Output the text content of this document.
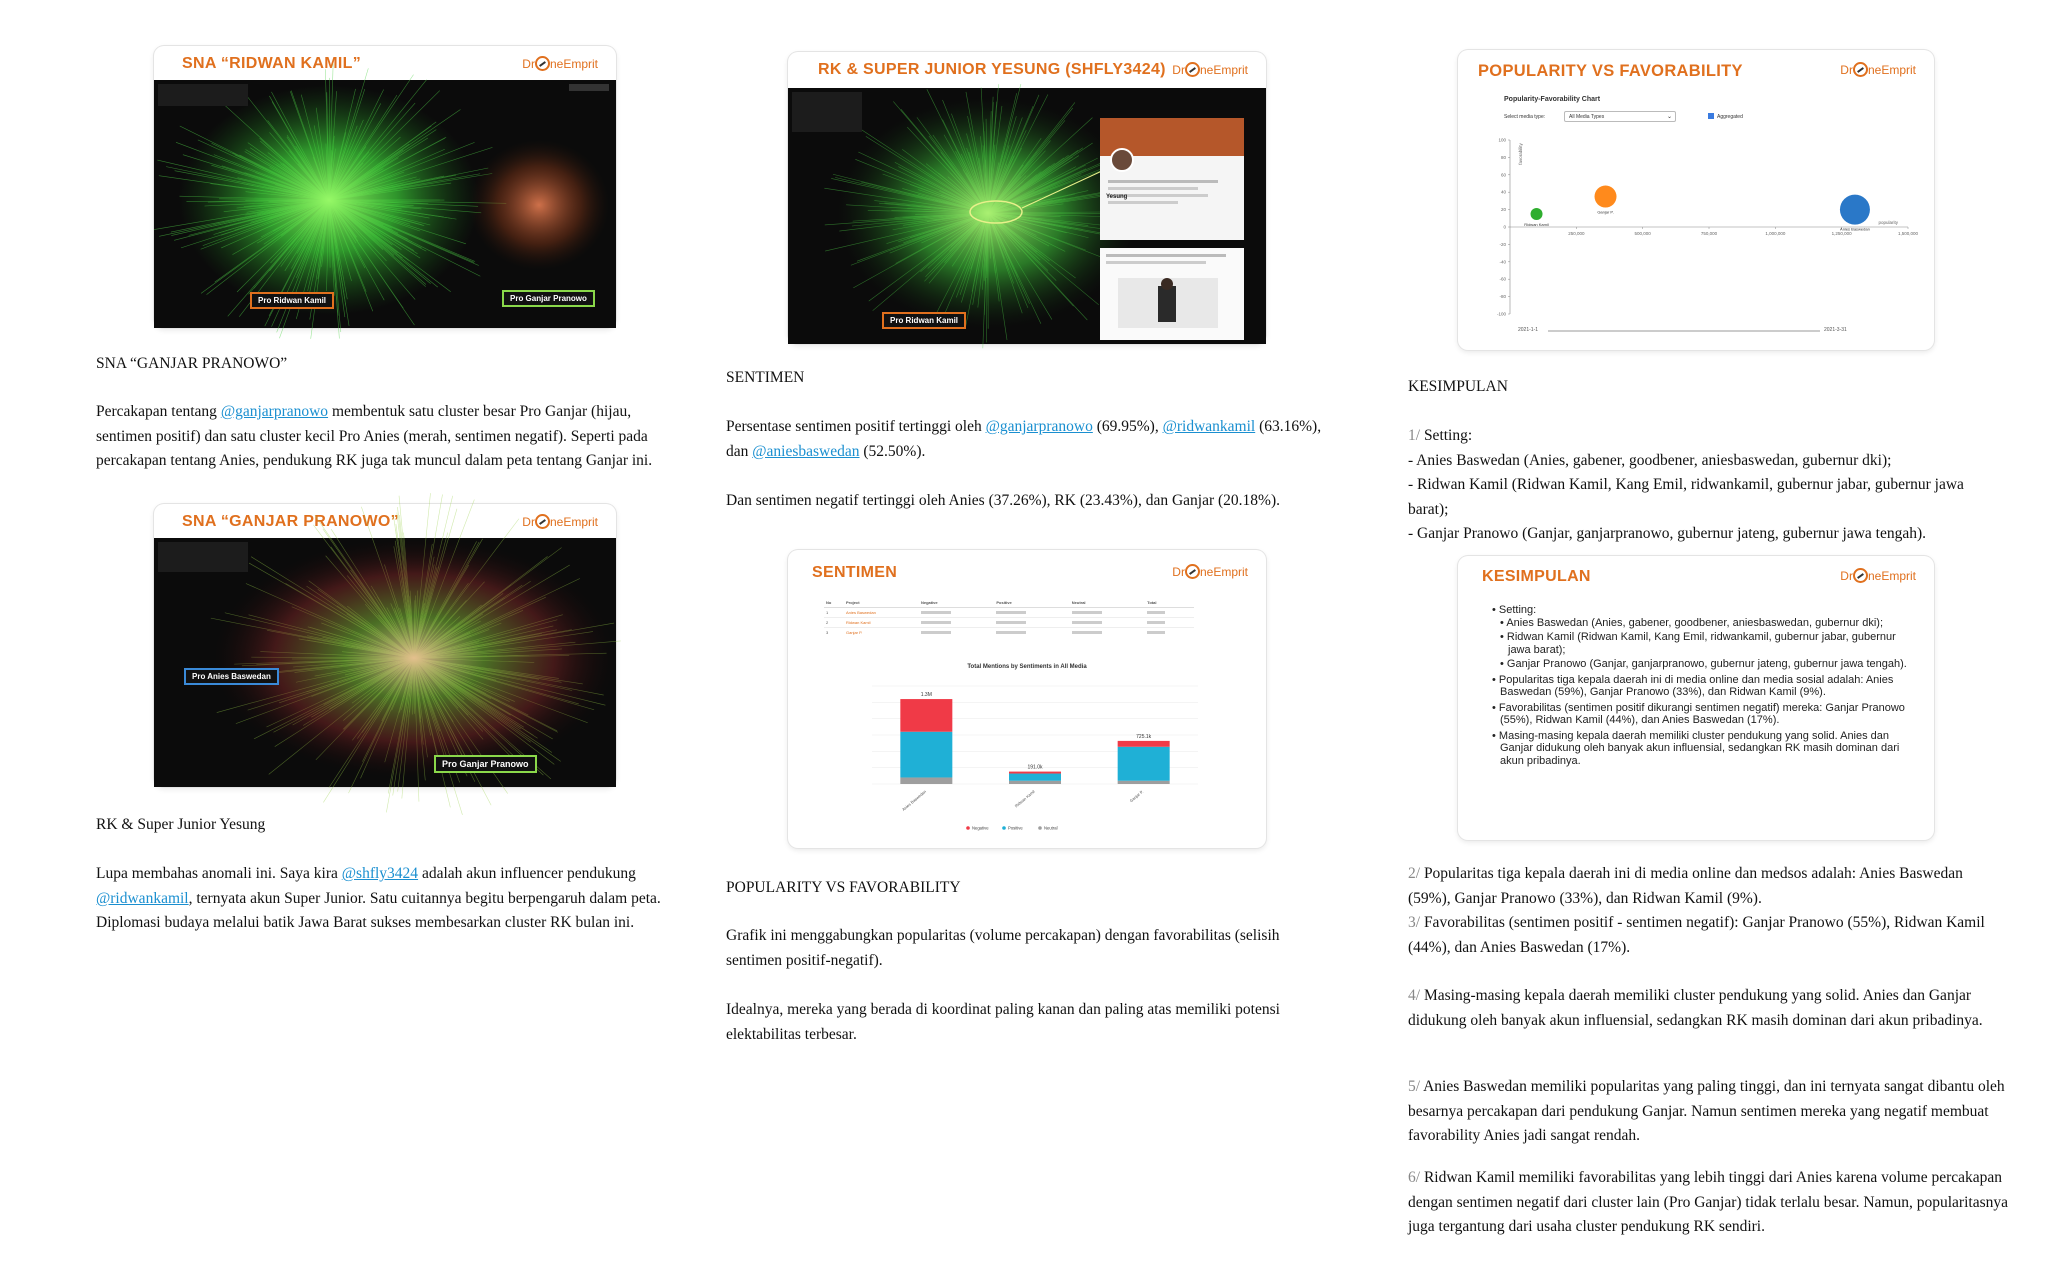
SNA “RIDWAN KAMIL”	Dr neEmprit
Pro Ridwan Kamil	Pro Ganjar Pranowo

SNA “GANJAR PRANOWO”

Percakapan tentang @ganjarpranowo membentuk satu cluster besar Pro Ganjar (hijau, sentimen positif) dan satu cluster kecil Pro Anies (merah, sentimen negatif). Seperti pada percakapan tentang Anies, pendukung RK juga tak muncul dalam peta tentang Ganjar ini.

SNA “GANJAR PRANOWO”	Dr neEmprit
Pro Anies Baswedan
Pro Ganjar Pranowo

RK & Super Junior Yesung

Lupa membahas anomali ini. Saya kira @shfly3424 adalah akun influencer pendukung @ridwankamil, ternyata akun Super Junior. Satu cuitannya begitu berpengaruh dalam peta. Diplomasi budaya melalui batik Jawa Barat sukses membesarkan cluster RK bulan ini.

RK & SUPER JUNIOR YESUNG (SHFLY3424) Dr neEmprit
Yesung
Pro Ridwan Kamil

SENTIMEN

Persentase sentimen positif tertinggi oleh @ganjarpranowo (69.95%), @ridwankamil (63.16%), dan @aniesbaswedan (52.50%).

Dan sentimen negatif tertinggi oleh Anies (37.26%), RK (23.43%), dan Ganjar (20.18%).

SENTIMEN	Dr neEmprit
No	Project	Negative	Positive	Neutral	Total
1	Anies Baswedan				
2	Ridwan Kamil				
3	Ganjar P.				
Total Mentions by Sentiments in All Media
1.3M
Anies Baswedan
191.0k
Ridwan Kamil
725.1k
Ganjar P.
Negative	Positive	Neutral

POPULARITY VS FAVORABILITY

Grafik ini menggabungkan popularitas (volume percakapan) dengan favorabilitas (selisih sentimen positif-negatif).

Idealnya, mereka yang berada di koordinat paling kanan dan paling atas memiliki potensi elektabilitas terbesar.

POPULARITY VS FAVORABILITY	Dr neEmprit
Popularity-Favorability Chart
Select media type:	All Media Types	⌄	Aggregated
-100
-80
-60
-40
-20
0
20
40
60
80
100
250,000	500,000	750,000	1,000,000	1,250,000	1,500,000
favorability
popularity
Ridwan Kamil
Ganjar P.
Anies Baswedan
2021-1-1	2021-3-31

KESIMPULAN

1/ Setting:
- Anies Baswedan (Anies, gabener, goodbener, aniesbaswedan, gubernur dki);
- Ridwan Kamil (Ridwan Kamil, Kang Emil, ridwankamil, gubernur jabar, gubernur jawa barat);
- Ganjar Pranowo (Ganjar, ganjarpranowo, gubernur jateng, gubernur jawa tengah).
KESIMPULAN	Dr neEmprit
• Setting:
• Anies Baswedan (Anies, gabener, goodbener, aniesbaswedan, gubernur dki);
• Ridwan Kamil (Ridwan Kamil, Kang Emil, ridwankamil, gubernur jabar, gubernur jawa barat);
• Ganjar Pranowo (Ganjar, ganjarpranowo, gubernur jateng, gubernur jawa tengah).
• Popularitas tiga kepala daerah ini di media online dan media sosial adalah: Anies Baswedan (59%), Ganjar Pranowo (33%), dan Ridwan Kamil (9%).
• Favorabilitas (sentimen positif dikurangi sentimen negatif) mereka: Ganjar Pranowo (55%), Ridwan Kamil (44%), dan Anies Baswedan (17%).
• Masing-masing kepala daerah memiliki cluster pendukung yang solid. Anies dan Ganjar didukung oleh banyak akun influensial, sedangkan RK masih dominan dari akun pribadinya.

2/ Popularitas tiga kepala daerah ini di media online dan medsos adalah: Anies Baswedan (59%), Ganjar Pranowo (33%), dan Ridwan Kamil (9%).

3/ Favorabilitas (sentimen positif - sentimen negatif): Ganjar Pranowo (55%), Ridwan Kamil (44%), dan Anies Baswedan (17%).

4/ Masing-masing kepala daerah memiliki cluster pendukung yang solid. Anies dan Ganjar didukung oleh banyak akun influensial, sedangkan RK masih dominan dari akun pribadinya.

5/ Anies Baswedan memiliki popularitas yang paling tinggi, dan ini ternyata sangat dibantu oleh besarnya percakapan dari pendukung Ganjar. Namun sentimen mereka yang negatif membuat favorability Anies jadi sangat rendah.

6/ Ridwan Kamil memiliki favorabilitas yang lebih tinggi dari Anies karena volume percakapan dengan sentimen negatif dari cluster lain (Pro Ganjar) tidak terlalu besar. Namun, popularitasnya juga tergantung dari usaha cluster pendukung RK sendiri.
